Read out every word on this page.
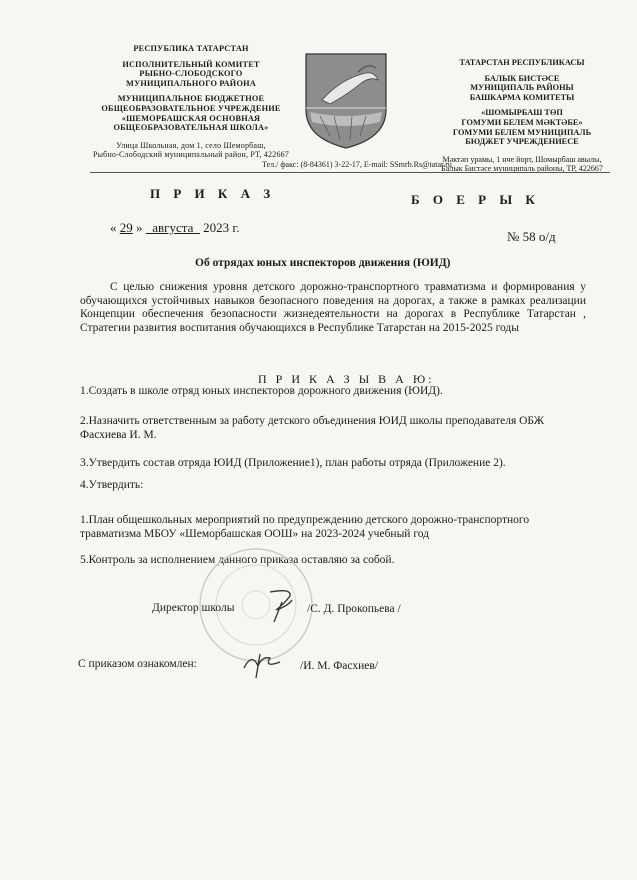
РЕСПУБЛИКА ТАТАРСТАН
ИСПОЛНИТЕЛЬНЫЙ КОМИТЕТ
РЫБНО-СЛОБОДСКОГО
МУНИЦИПАЛЬНОГО РАЙОНА
МУНИЦИПАЛЬНОЕ БЮДЖЕТНОЕ
ОБЩЕОБРАЗОВАТЕЛЬНОЕ УЧРЕЖДЕНИЕ
«ШЕМОРБАШСКАЯ ОСНОВНАЯ
ОБЩЕОБРАЗОВАТЕЛЬНАЯ ШКОЛА»
Улица Школьная, дом 1, село Шеморбаш,
Рыбно-Слободский муниципальный район, РТ, 422667
ТАТАРСТАН РЕСПУБЛИКАСЫ
БАЛЫК БИСТӘСЕ
МУНИЦИПАЛЬ РАЙОНЫ
БАШКАРМА КОМИТЕТЫ
«ШОМЫРБАШ ТӨП
ГОМУМИ БЕЛЕМ МӘКТӘБЕ»
ГОМУМИ БЕЛЕМ МУНИЦИПАЛЬ
БЮДЖЕТ УЧРЕЖДЕНИЕСЕ
Мәктәп урамы, 1 нче йорт, Шомырбаш авылы,
Балык Бистәсе муниципаль районы, ТР, 422667
Тел./ факс: (8-84361) 3-22-17, E-mail: SSmrb.Rs@tatar.ru
П Р И К А З	Б О Е Р Ы К
« 29 » августа 2023 г.
№ 58 о/д
Об отрядах юных инспекторов движения (ЮИД)
С целью снижения уровня детского дорожно-транспортного травматизма и формирования у обучающихся устойчивых навыков безопасного поведения на дорогах, а также в рамках реализации Концепции обеспечения безопасности жизнедеятельности на дорогах в Республике Татарстан , Стратегии развития воспитания обучающихся в Республике Татарстан на 2015-2025 годы
П Р И К А З Ы В А Ю:
1.Создать в школе отряд юных инспекторов дорожного движения (ЮИД).
2.Назначить ответственным за работу детского объединения ЮИД школы преподавателя ОБЖ Фасхиева И. М.
3.Утвердить состав отряда ЮИД (Приложение1), план работы отряда (Приложение 2).
4.Утвердить:
1.План общешкольных мероприятий по предупреждению детского дорожно-транспортного травматизма МБОУ «Шеморбашская ООШ» на 2023-2024 учебный год
5.Контроль за исполнением данного приказа оставляю за собой.
Директор школы	/С. Д. Прокопьева /
С приказом ознакомлен:	/И. М. Фасхиев/
